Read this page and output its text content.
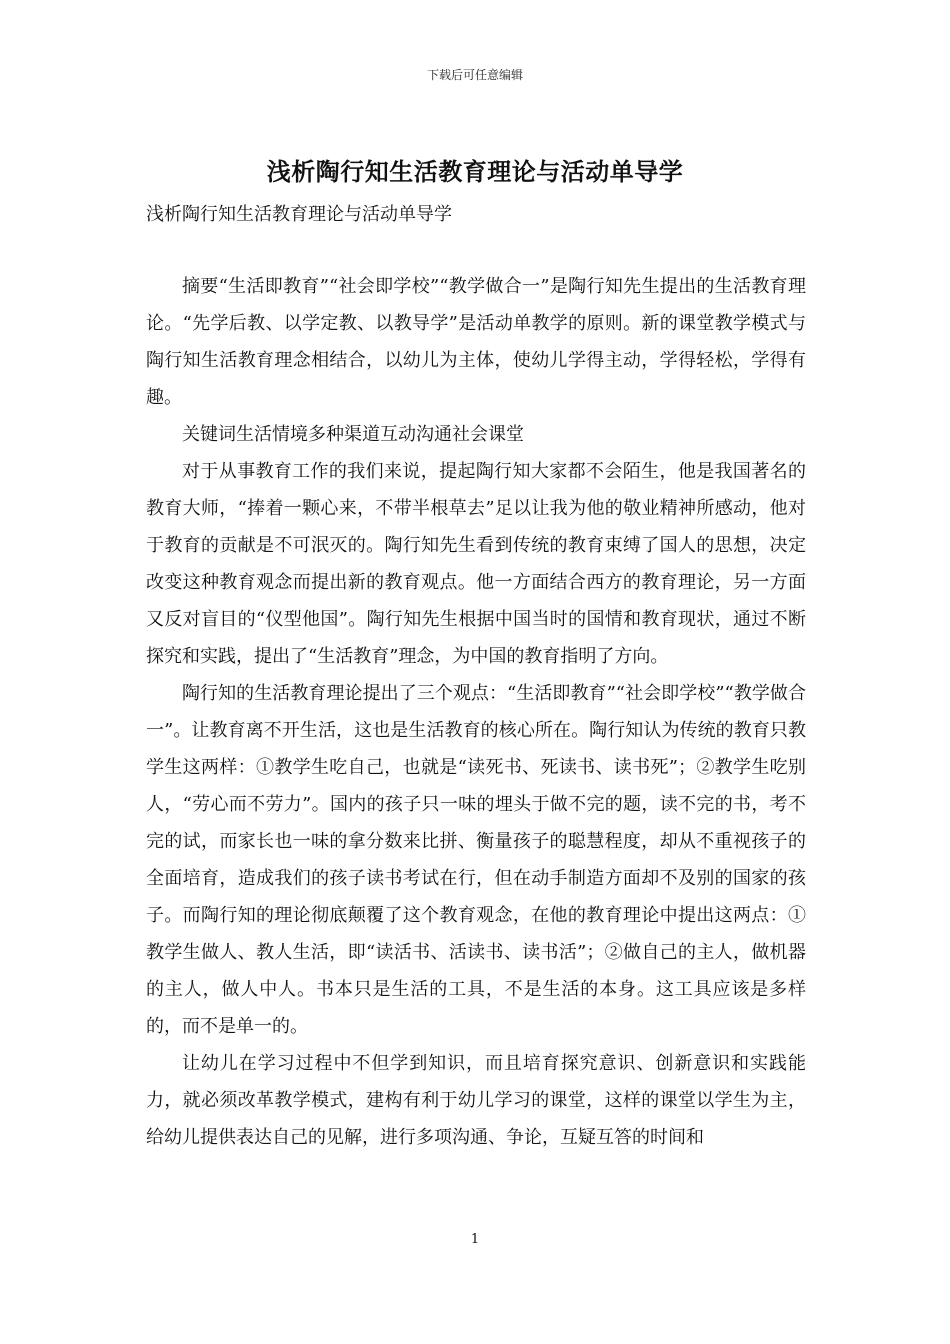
下载后可任意编辑
浅析陶行知生活教育理论与活动单导学
浅析陶行知生活教育理论与活动单导学

摘要“生活即教育”“社会即学校”“教学做合一”是陶行知先生提出的生活教育理论。“先学后教、以学定教、以教导学”是活动单教学的原则。新的课堂教学模式与陶行知生活教育理念相结合，以幼儿为主体，使幼儿学得主动，学得轻松，学得有趣。

关键词生活情境多种渠道互动沟通社会课堂

对于从事教育工作的我们来说，提起陶行知大家都不会陌生，他是我国著名的教育大师，“捧着一颗心来，不带半根草去”足以让我为他的敬业精神所感动，他对于教育的贡献是不可泯灭的。陶行知先生看到传统的教育束缚了国人的思想，决定改变这种教育观念而提出新的教育观点。他一方面结合西方的教育理论，另一方面又反对盲目的“仪型他国”。陶行知先生根据中国当时的国情和教育现状，通过不断探究和实践，提出了“生活教育”理念，为中国的教育指明了方向。

陶行知的生活教育理论提出了三个观点：“生活即教育”“社会即学校”“教学做合一”。让教育离不开生活，这也是生活教育的核心所在。陶行知认为传统的教育只教学生这两样：①教学生吃自己，也就是“读死书、死读书、读书死”；②教学生吃别人，“劳心而不劳力”。国内的孩子只一味的埋头于做不完的题，读不完的书，考不完的试，而家长也一味的拿分数来比拼、衡量孩子的聪慧程度，却从不重视孩子的全面培育，造成我们的孩子读书考试在行，但在动手制造方面却不及别的国家的孩子。而陶行知的理论彻底颠覆了这个教育观念，在他的教育理论中提出这两点：①教学生做人、教人生活，即“读活书、活读书、读书活”；②做自己的主人，做机器的主人，做人中人。书本只是生活的工具，不是生活的本身。这工具应该是多样的，而不是单一的。

让幼儿在学习过程中不但学到知识，而且培育探究意识、创新意识和实践能力，就必须改革教学模式，建构有利于幼儿学习的课堂，这样的课堂以学生为主，给幼儿提供表达自己的见解，进行多项沟通、争论，互疑互答的时间和

1
